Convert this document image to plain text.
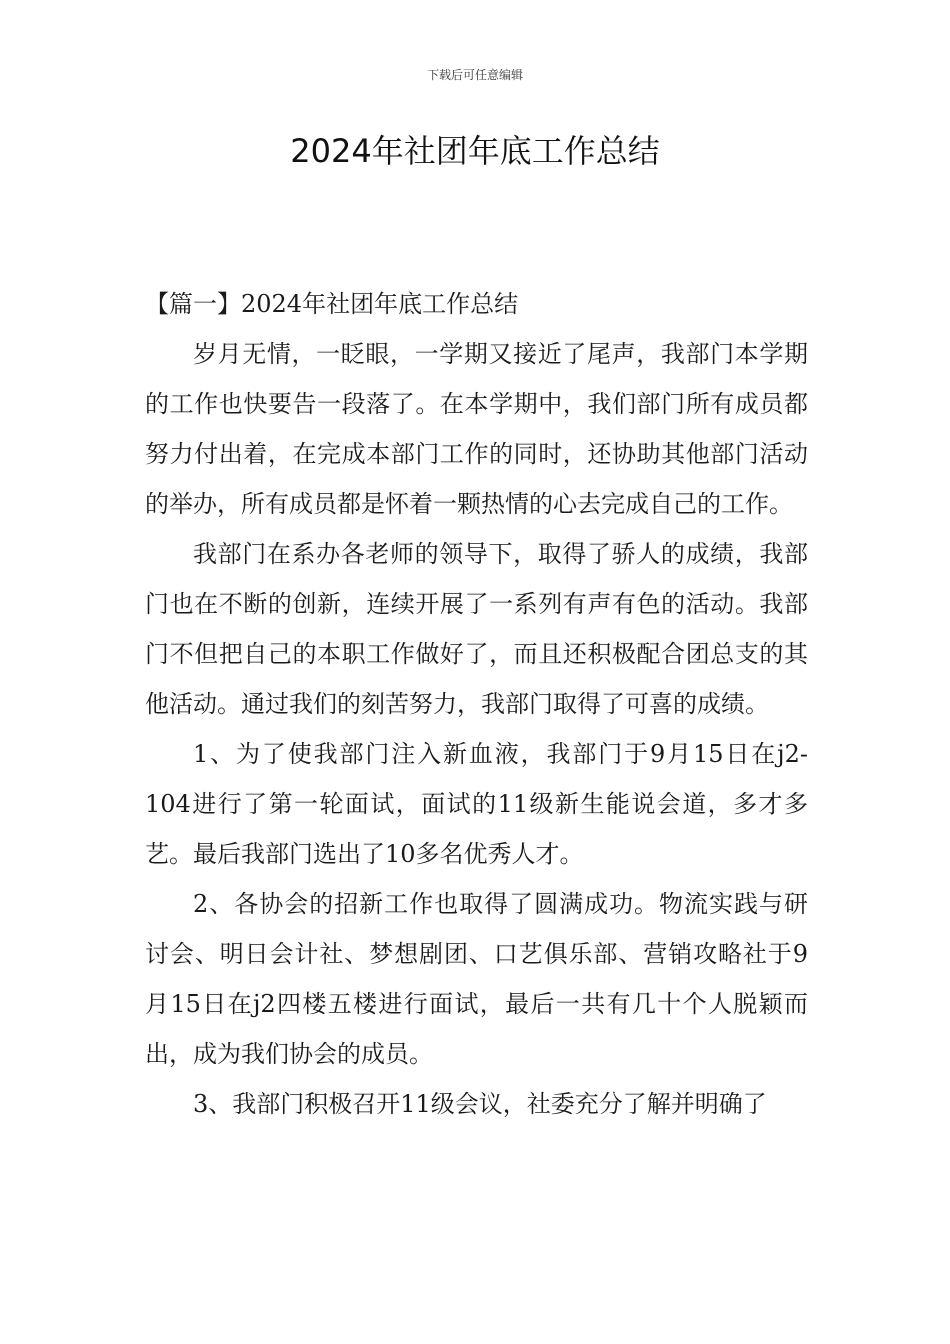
下载后可任意编辑
2024年社团年底工作总结

【篇一】2024年社团年底工作总结

岁月无情，一眨眼，一学期又接近了尾声，我部门本学期的工作也快要告一段落了。在本学期中，我们部门所有成员都努力付出着，在完成本部门工作的同时，还协助其他部门活动的举办，所有成员都是怀着一颗热情的心去完成自己的工作。

我部门在系办各老师的领导下，取得了骄人的成绩，我部门也在不断的创新，连续开展了一系列有声有色的活动。我部门不但把自己的本职工作做好了，而且还积极配合团总支的其他活动。通过我们的刻苦努力，我部门取得了可喜的成绩。

1、为了使我部门注入新血液，我部门于9月15日在j2-104进行了第一轮面试，面试的11级新生能说会道，多才多艺。最后我部门选出了10多名优秀人才。

2、各协会的招新工作也取得了圆满成功。物流实践与研讨会、明日会计社、梦想剧团、口艺俱乐部、营销攻略社于9月15日在j2四楼五楼进行面试，最后一共有几十个人脱颖而出，成为我们协会的成员。

3、我部门积极召开11级会议，社委充分了解并明确了
